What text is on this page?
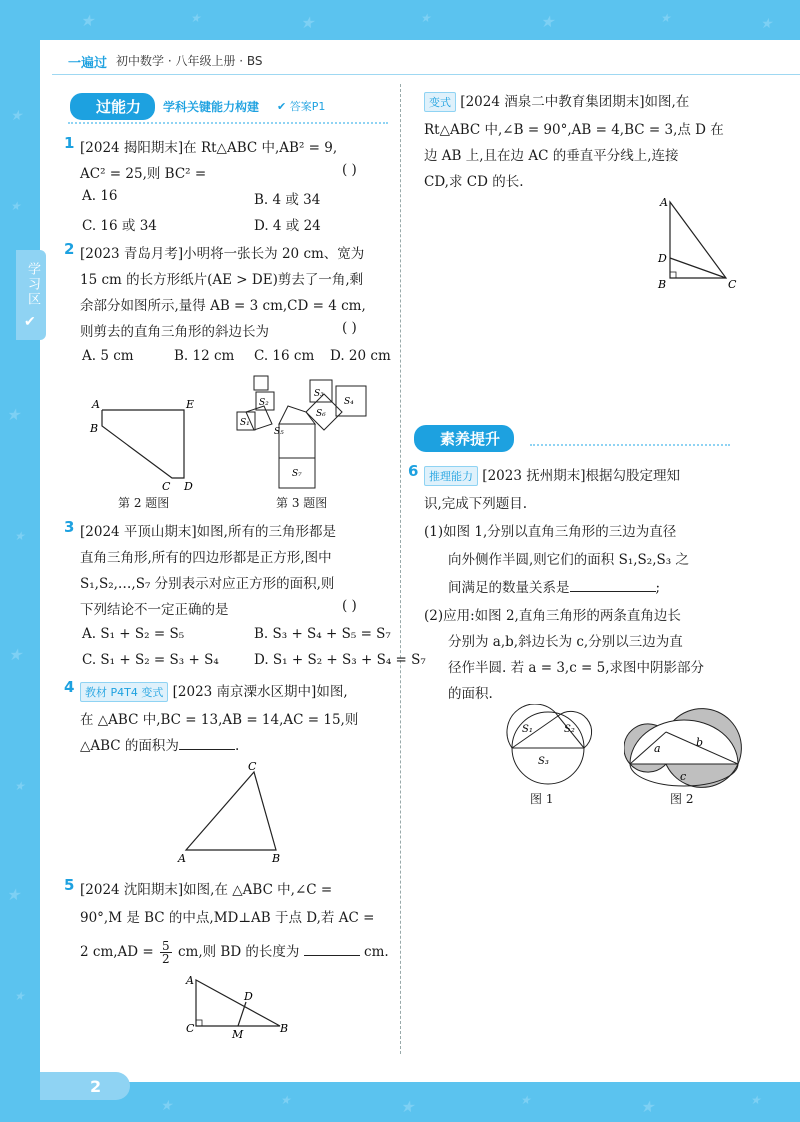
★	★	★	★	★	★	★
★
★
★
★
★
★
★
★	★	★	★	★	★
★
一遍过 初中数学 · 八年级上册 · BS
学习区
✔
过能力	学科关键能力构建 ✔ 答案P1
1 [2024 揭阳期末]在 Rt△ABC 中,AB² = 9,
AC² = 25,则 BC² =	( )
A. 16	B. 4 或 34
C. 16 或 34	D. 4 或 24
2 [2023 青岛月考]小明将一张长为 20 cm、宽为
15 cm 的长方形纸片(AE > DE)剪去了一角,剩
余部分如图所示,量得 AB = 3 cm,CD = 4 cm,
则剪去的直角三角形的斜边长为	( )
A. 5 cm	B. 12 cm C. 16 cm D. 20 cm
A	E
B
C D
第 2 题图
S₁
S₂
S₃
S₄
S₅
S₆
S₇
第 3 题图
3 [2024 平顶山期末]如图,所有的三角形都是
直角三角形,所有的四边形都是正方形,图中
S₁,S₂,…,S₇ 分别表示对应正方形的面积,则
下列结论不一定正确的是	( )
A. S₁ + S₂ = S₅	B. S₃ + S₄ + S₅ = S₇
C. S₁ + S₂ = S₃ + S₄	D. S₁ + S₂ + S₃ + S₄ = S₇
4 教材 P4T4 变式 [2023 南京溧水区期中]如图,
在 △ABC 中,BC = 13,AB = 14,AC = 15,则
△ABC 的面积为	.
C
A	B
5 [2024 沈阳期末]如图,在 △ABC 中,∠C =
90°,M 是 BC 的中点,MD⊥AB 于点 D,若 AC =
2 $cm,AD = \frac{5}{2}$ cm,则 BD 的长度为	cm.
A
D
C	M	B
变式 [2024 酒泉二中教育集团期末]如图,在
Rt△ABC 中,∠B = 90°,AB = 4,BC = 3,点 D 在
边 AB 上,且在边 AC 的垂直平分线上,连接
CD,求 CD 的长.
A
D
B	C
素养提升
6 推理能力 [2023 抚州期末]根据勾股定理知
识,完成下列题目.
(1)如图 1,分别以直角三角形的三边为直径
向外侧作半圆,则它们的面积 S₁,S₂,S₃ 之
间满足的数量关系是	;
(2)应用:如图 2,直角三角形的两条直角边长
分别为 a,b,斜边长为 c,分别以三边为直
径作半圆. 若 a = 3,c = 5,求图中阴影部分
的面积.
S₁	S₂
S₃
图 1
a	b
c
图 2
2
